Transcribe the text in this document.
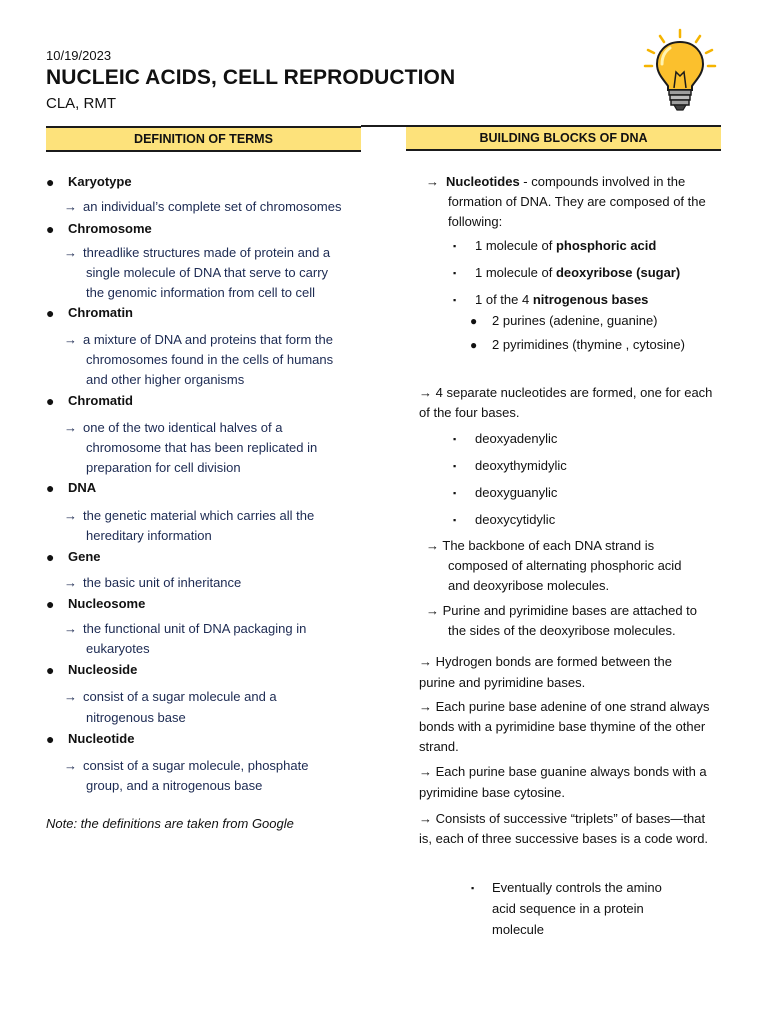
10/19/2023
NUCLEIC ACIDS, CELL REPRODUCTION
CLA, RMT
DEFINITION OF TERMS	BUILDING BLOCKS OF DNA
● Karyotype
→ an individual’s complete set of chromosomes
● Chromosome
→ threadlike structures made of protein and a
single molecule of DNA that serve to carry
the genomic information from cell to cell
● Chromatin
→ a mixture of DNA and proteins that form the
chromosomes found in the cells of humans
and other higher organisms
● Chromatid
→ one of the two identical halves of a
chromosome that has been replicated in
preparation for cell division
● DNA
→ the genetic material which carries all the
hereditary information
● Gene
→ the basic unit of inheritance
● Nucleosome
→ the functional unit of DNA packaging in
eukaryotes
● Nucleoside
→ consist of a sugar molecule and a
nitrogenous base
● Nucleotide
→ consist of a sugar molecule, phosphate
group, and a nitrogenous base
Note: the definitions are taken from Google
→ Nucleotides - compounds involved in the
formation of DNA. They are composed of the
following:
▪ 1 molecule of phosphoric acid
▪ 1 molecule of deoxyribose (sugar)
▪ 1 of the 4 nitrogenous bases
● 2 purines (adenine, guanine)
● 2 pyrimidines (thymine , cytosine)
→ 4 separate nucleotides are formed, one for each
of the four bases.
▪ deoxyadenylic
▪ deoxythymidylic
▪ deoxyguanylic
▪ deoxycytidylic
→ The backbone of each DNA strand is
composed of alternating phosphoric acid
and deoxyribose molecules.
→ Purine and pyrimidine bases are attached to
the sides of the deoxyribose molecules.
→ Hydrogen bonds are formed between the
purine and pyrimidine bases.
→ Each purine base adenine of one strand always
bonds with a pyrimidine base thymine of the other
strand.
→ Each purine base guanine always bonds with a
pyrimidine base cytosine.
→ Consists of successive “triplets” of bases—that
is, each of three successive bases is a code word.
▪ Eventually controls the amino
acid sequence in a protein
molecule
